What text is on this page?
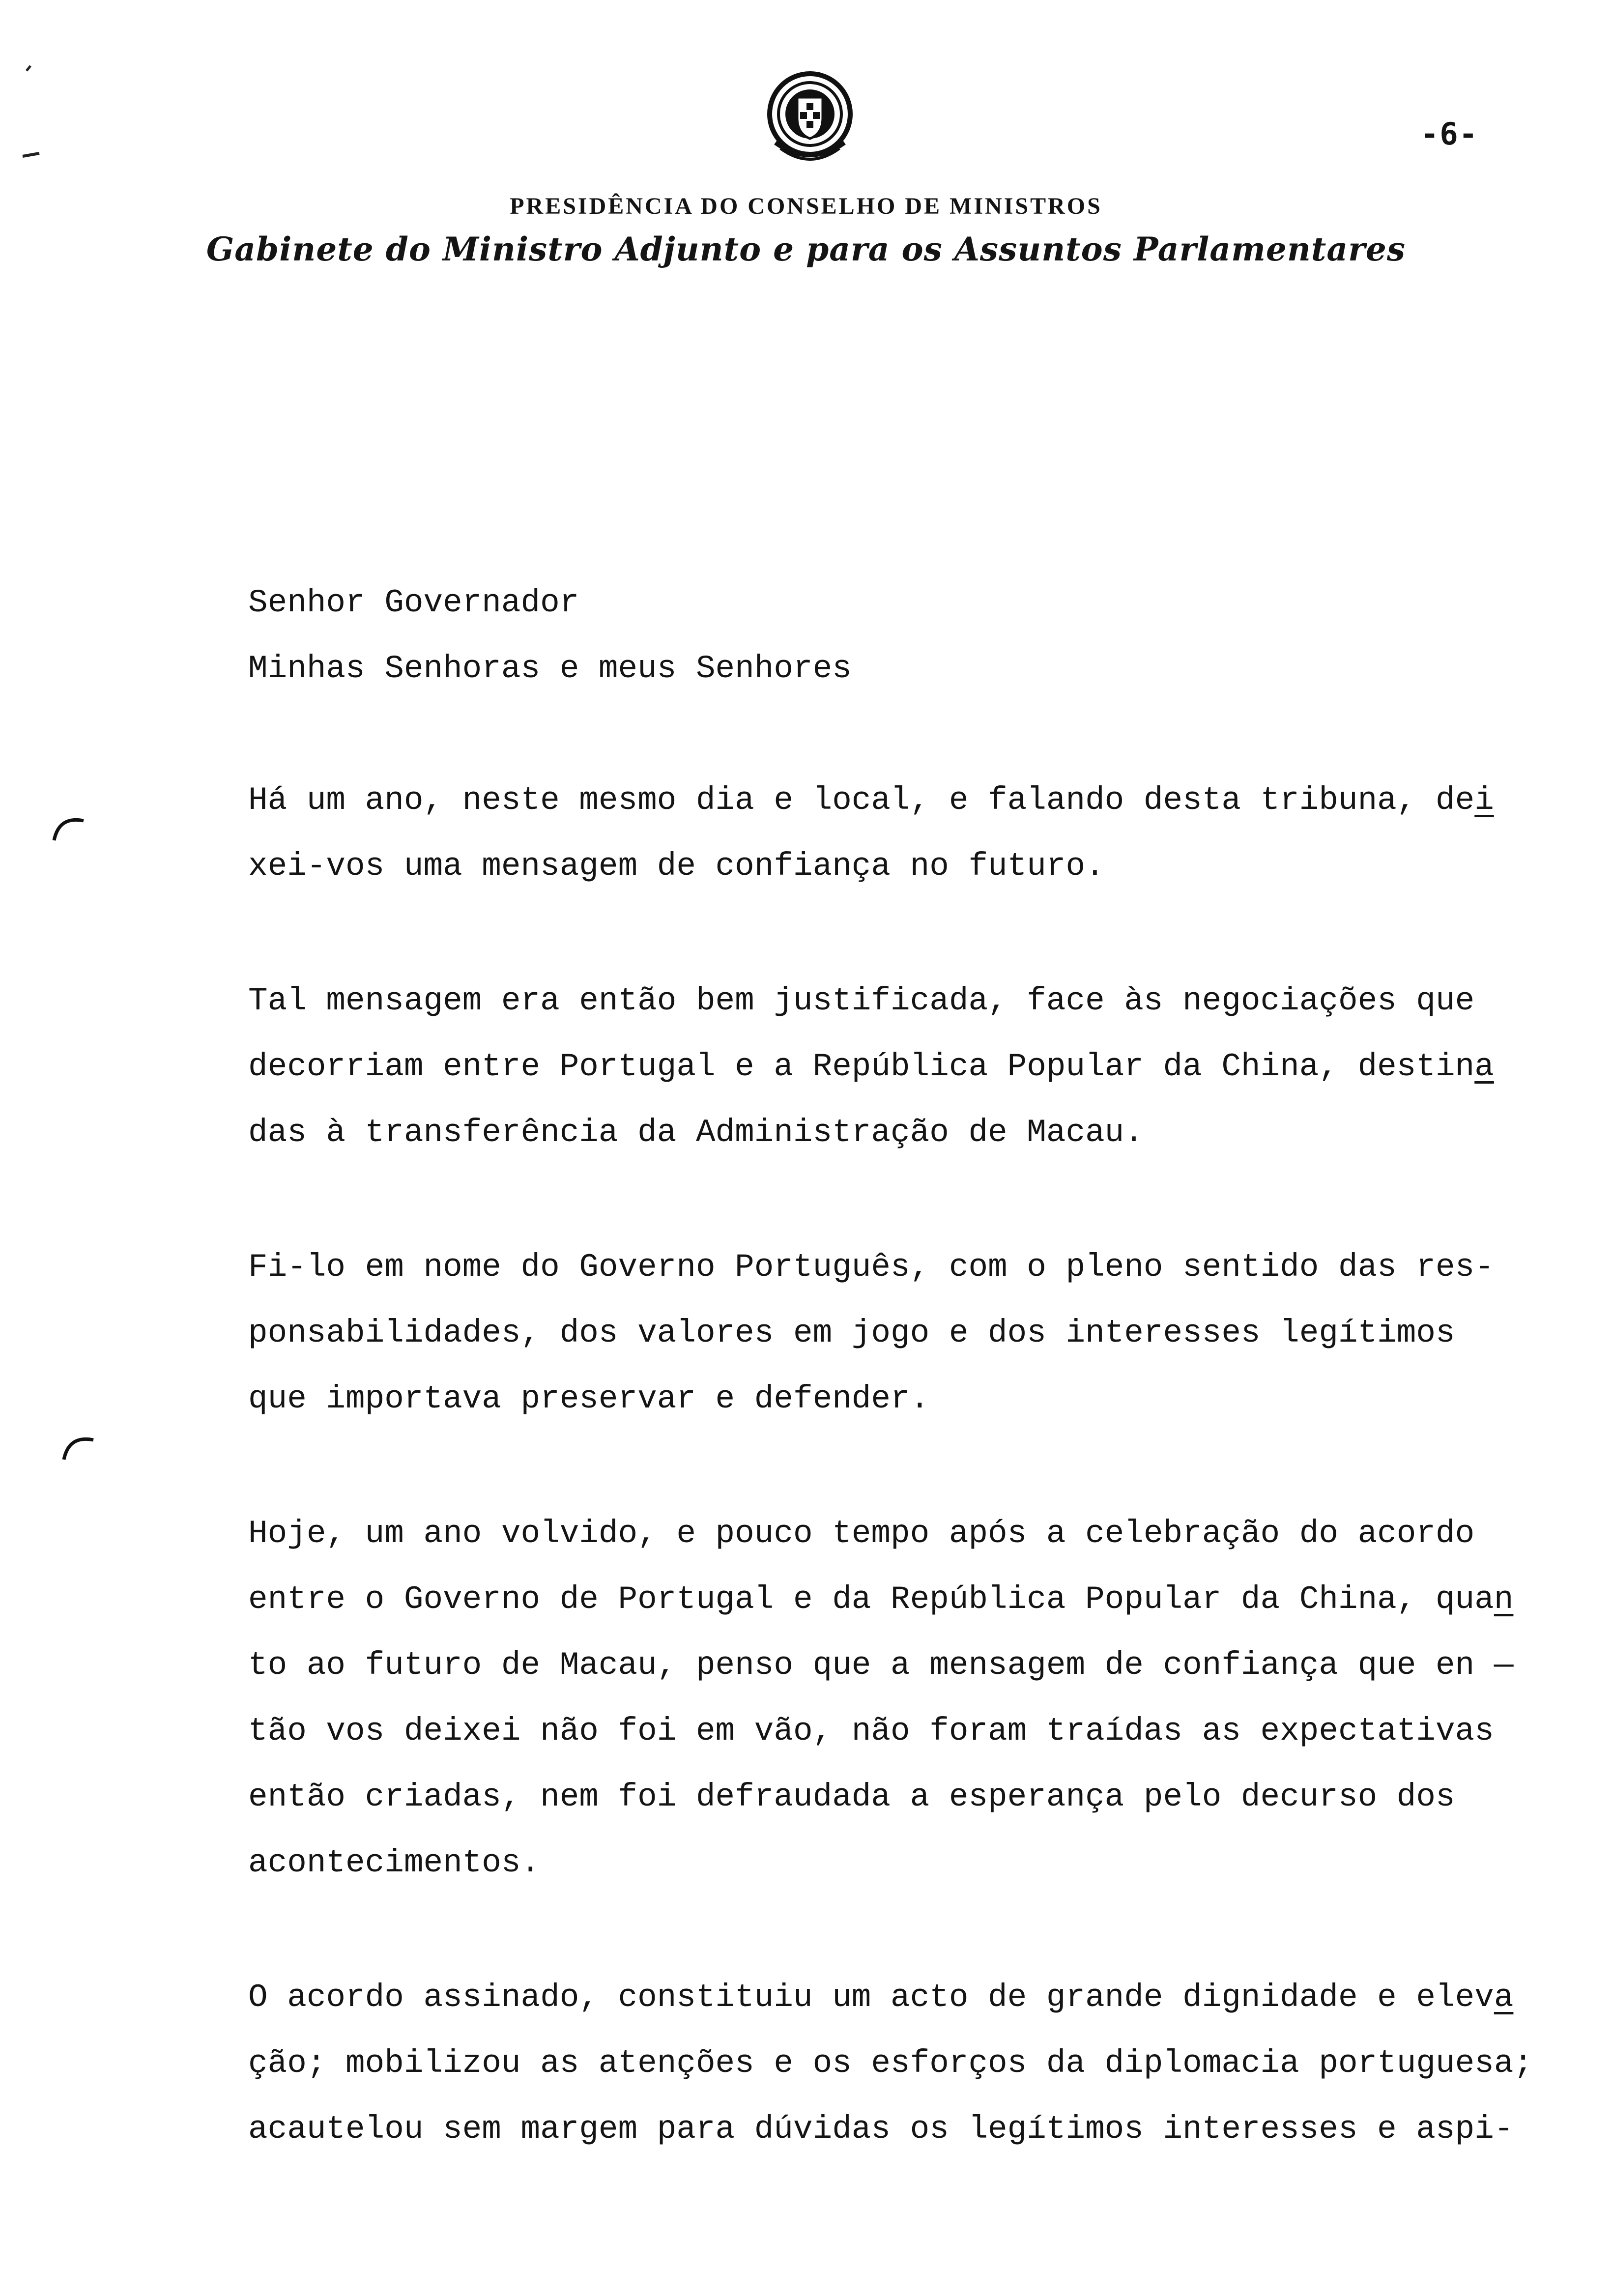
-6-
PRESIDÊNCIA DO CONSELHO DE MINISTROS
Gabinete do Ministro Adjunto e para os Assuntos Parlamentares
Senhor Governador
Minhas Senhoras e meus Senhores
Há um ano, neste mesmo dia e local, e falando desta tribuna, dei
xei-vos uma mensagem de confiança no futuro.
Tal mensagem era então bem justificada, face às negociações que
decorriam entre Portugal e a República Popular da China, destina
das à transferência da Administração de Macau.
Fi-lo em nome do Governo Português, com o pleno sentido das res-
ponsabilidades, dos valores em jogo e dos interesses legítimos
que importava preservar e defender.
Hoje, um ano volvido, e pouco tempo após a celebração do acordo
entre o Governo de Portugal e da República Popular da China, quan
to ao futuro de Macau, penso que a mensagem de confiança que en —
tão vos deixei não foi em vão, não foram traídas as expectativas
então criadas, nem foi defraudada a esperança pelo decurso dos
acontecimentos.
O acordo assinado, constituiu um acto de grande dignidade e eleva
ção; mobilizou as atenções e os esforços da diplomacia portuguesa;
acautelou sem margem para dúvidas os legítimos interesses e aspi-
